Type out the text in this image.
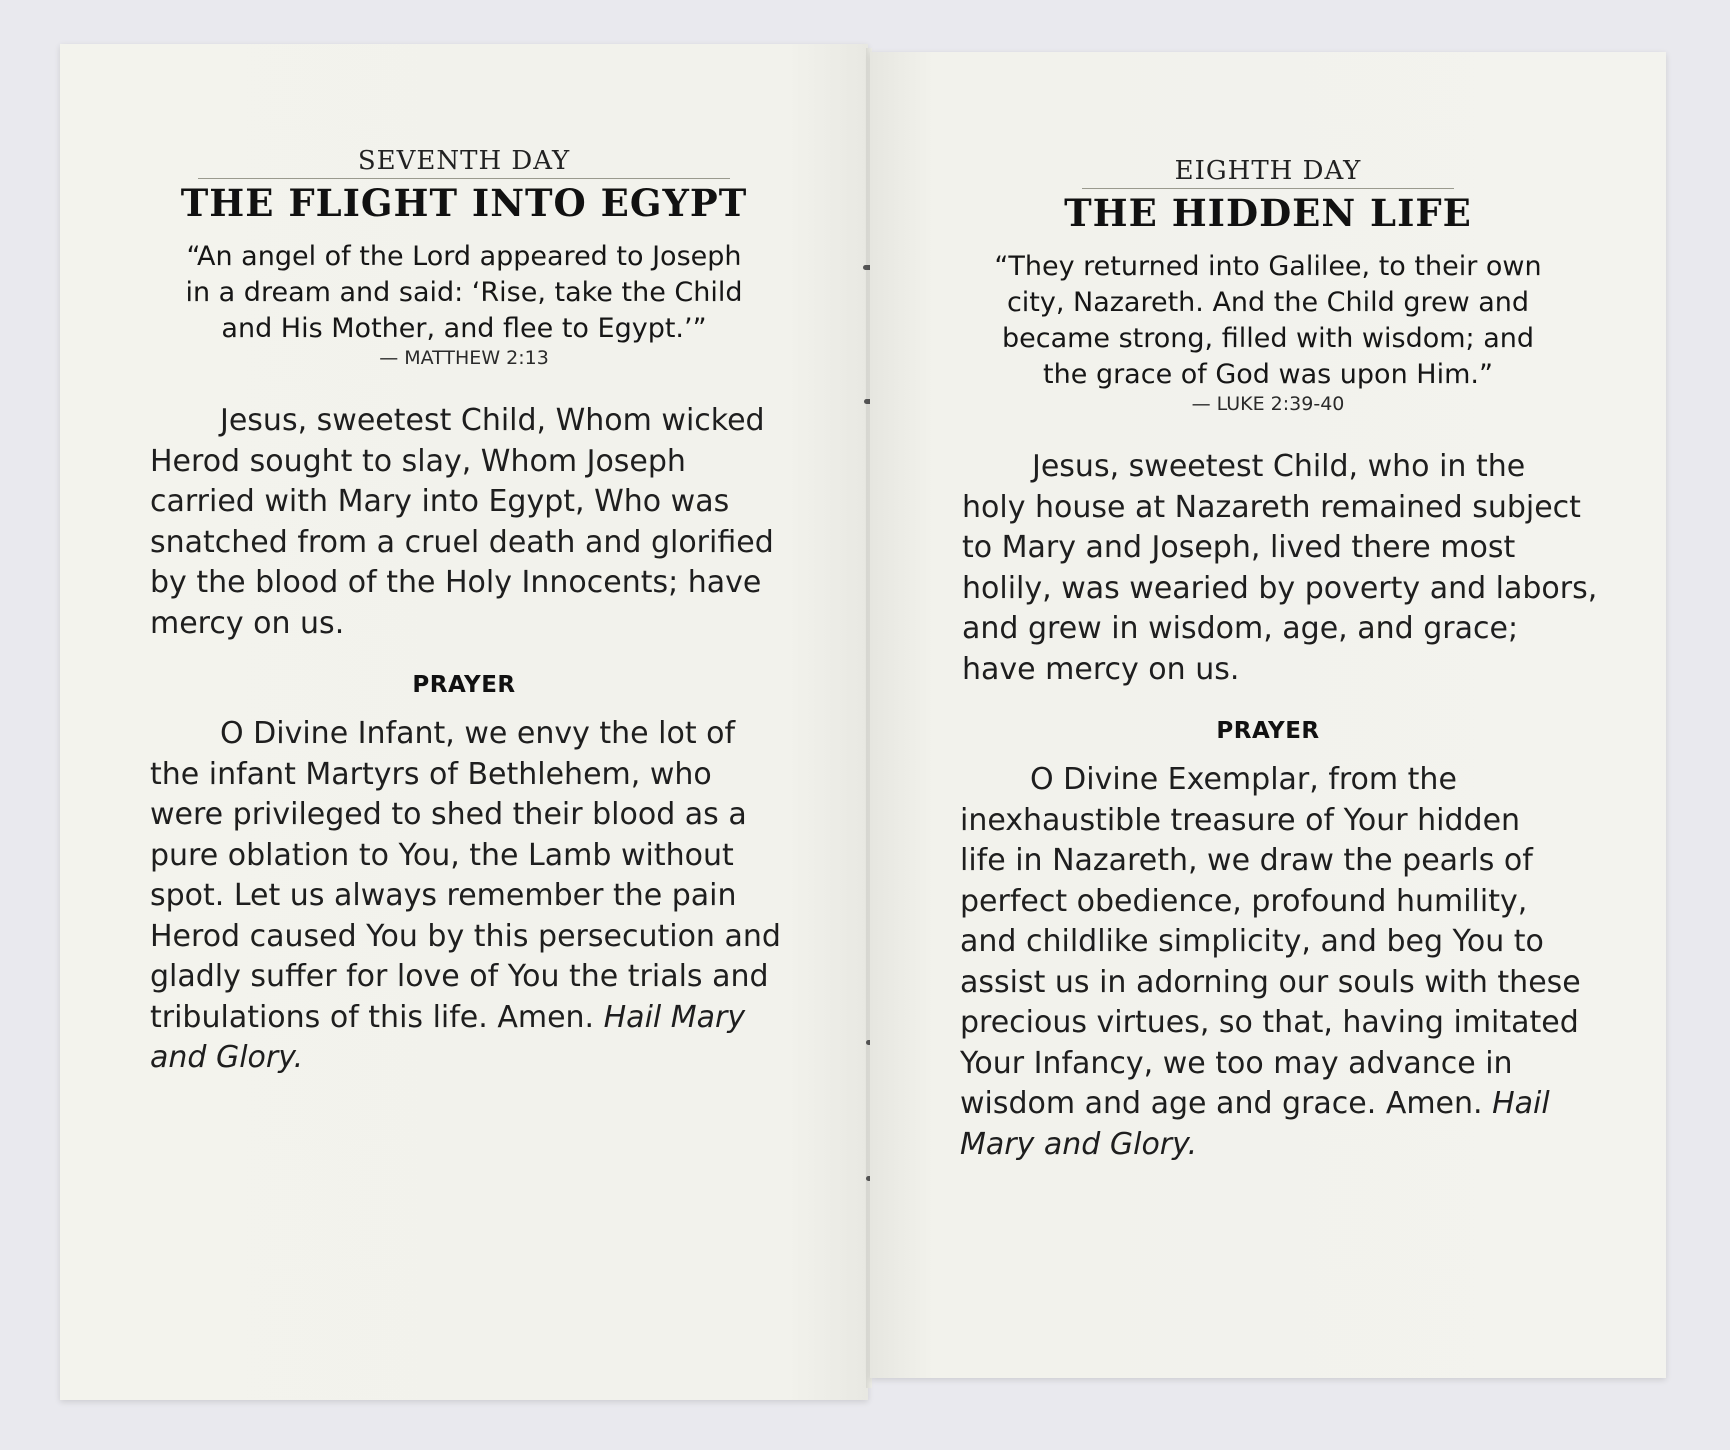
SEVENTH DAY
THE FLIGHT INTO EGYPT
“An angel of the Lord appeared to Joseph
in a dream and said: ‘Rise, take the Child
and His Mother, and flee to Egypt.’”
— MATTHEW 2:13
Jesus, sweetest Child, Whom wicked
Herod sought to slay, Whom Joseph
carried with Mary into Egypt, Who was
snatched from a cruel death and glorified
by the blood of the Holy Innocents; have
mercy on us.
PRAYER
O Divine Infant, we envy the lot of
the infant Martyrs of Bethlehem, who
were privileged to shed their blood as a
pure oblation to You, the Lamb without
spot. Let us always remember the pain
Herod caused You by this persecution and
gladly suffer for love of You the trials and
tribulations of this life. Amen. Hail Mary
and Glory.
EIGHTH DAY
THE HIDDEN LIFE
“They returned into Galilee, to their own
city, Nazareth. And the Child grew and
became strong, filled with wisdom; and
the grace of God was upon Him.”
— LUKE 2:39-40
Jesus, sweetest Child, who in the
holy house at Nazareth remained subject
to Mary and Joseph, lived there most
holily, was wearied by poverty and labors,
and grew in wisdom, age, and grace;
have mercy on us.
PRAYER
O Divine Exemplar, from the
inexhaustible treasure of Your hidden
life in Nazareth, we draw the pearls of
perfect obedience, profound humility,
and childlike simplicity, and beg You to
assist us in adorning our souls with these
precious virtues, so that, having imitated
Your Infancy, we too may advance in
wisdom and age and grace. Amen. Hail
Mary and Glory.
